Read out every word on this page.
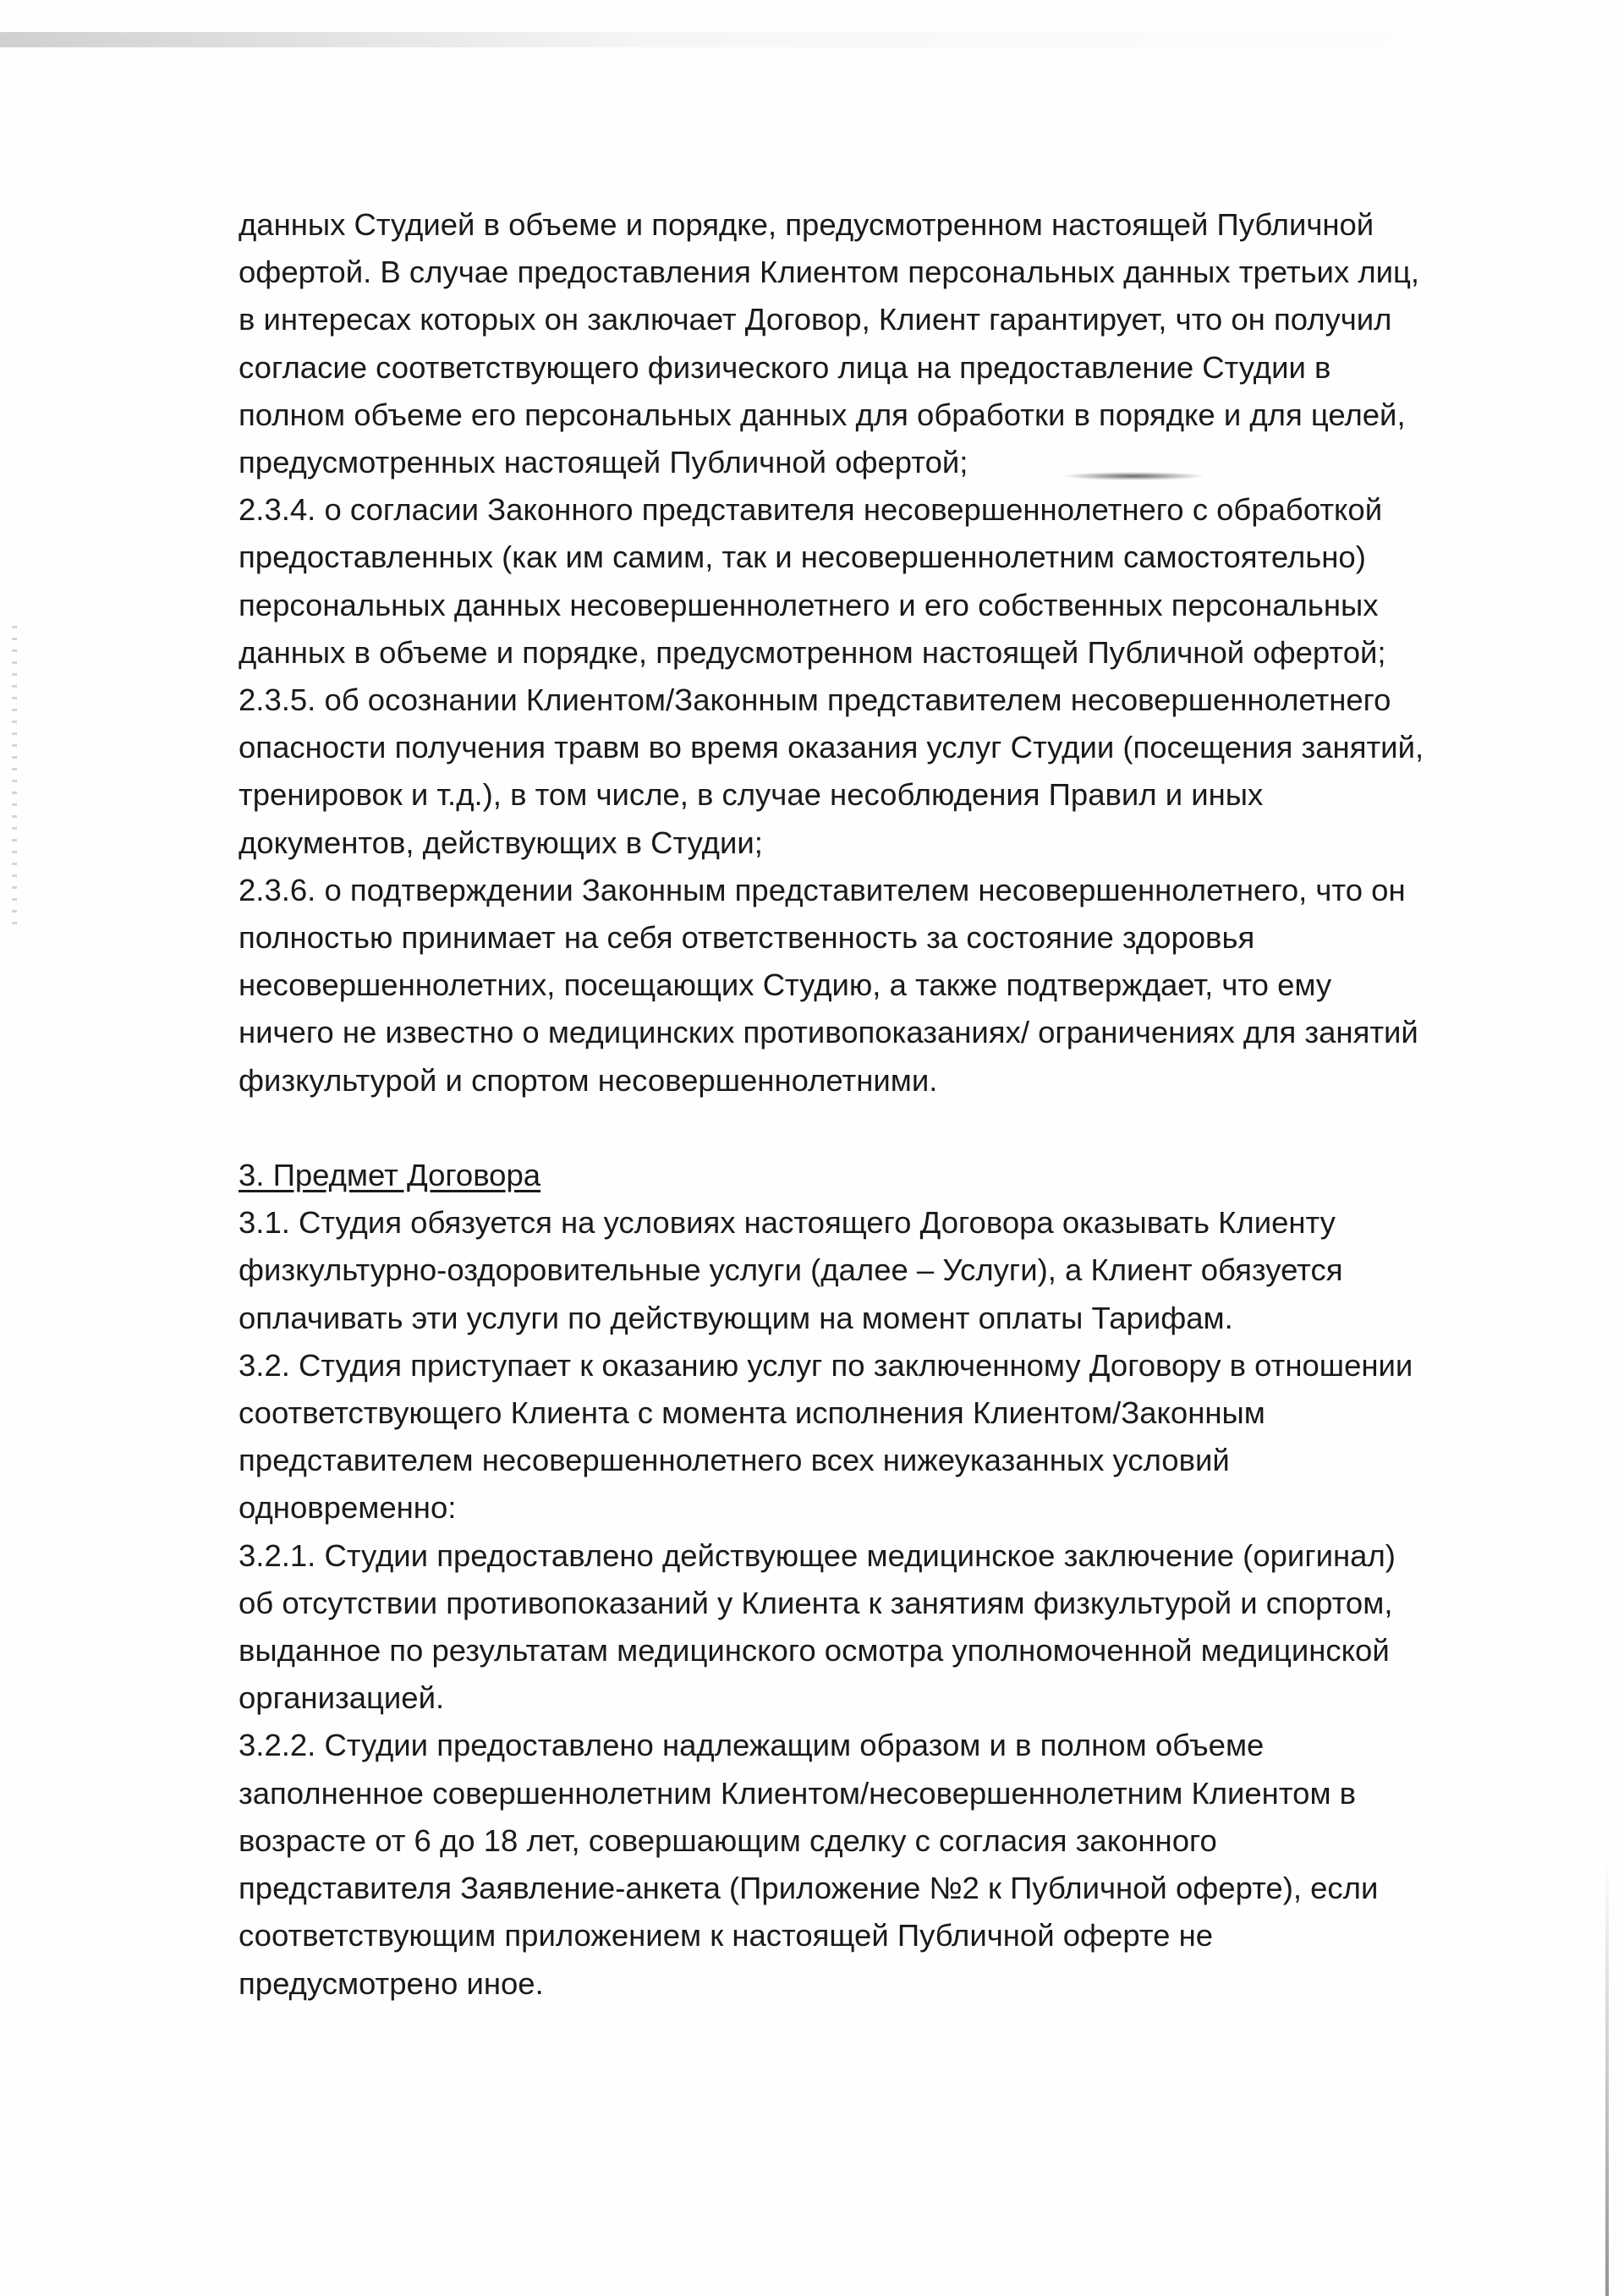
данных Студией в объеме и порядке, предусмотренном настоящей Публичной
офертой. В случае предоставления Клиентом персональных данных третьих лиц,
в интересах которых он заключает Договор, Клиент гарантирует, что он получил
согласие соответствующего физического лица на предоставление Студии в
полном объеме его персональных данных для обработки в порядке и для целей,
предусмотренных настоящей Публичной офертой;
2.3.4. о согласии Законного представителя несовершеннолетнего с обработкой
предоставленных (как им самим, так и несовершеннолетним самостоятельно)
персональных данных несовершеннолетнего и его собственных персональных
данных в объеме и порядке, предусмотренном настоящей Публичной офертой;
2.3.5. об осознании Клиентом/Законным представителем несовершеннолетнего
опасности получения травм во время оказания услуг Студии (посещения занятий,
тренировок и т.д.), в том числе, в случае несоблюдения Правил и иных
документов, действующих в Студии;
2.3.6. о подтверждении Законным представителем несовершеннолетнего, что он
полностью принимает на себя ответственность за состояние здоровья
несовершеннолетних, посещающих Студию, а также подтверждает, что ему
ничего не известно о медицинских противопоказаниях/ ограничениях для занятий
физкультурой и спортом несовершеннолетними.
3. Предмет Договора
3.1. Студия обязуется на условиях настоящего Договора оказывать Клиенту
физкультурно-оздоровительные услуги (далее – Услуги), а Клиент обязуется
оплачивать эти услуги по действующим на момент оплаты Тарифам.
3.2. Студия приступает к оказанию услуг по заключенному Договору в отношении
соответствующего Клиента с момента исполнения Клиентом/Законным
представителем несовершеннолетнего всех нижеуказанных условий
одновременно:
3.2.1. Студии предоставлено действующее медицинское заключение (оригинал)
об отсутствии противопоказаний у Клиента к занятиям физкультурой и спортом,
выданное по результатам медицинского осмотра уполномоченной медицинской
организацией.
3.2.2. Студии предоставлено надлежащим образом и в полном объеме
заполненное совершеннолетним Клиентом/несовершеннолетним Клиентом в
возрасте от 6 до 18 лет, совершающим сделку с согласия законного
представителя Заявление-анкета (Приложение №2 к Публичной оферте), если
соответствующим приложением к настоящей Публичной оферте не
предусмотрено иное.
